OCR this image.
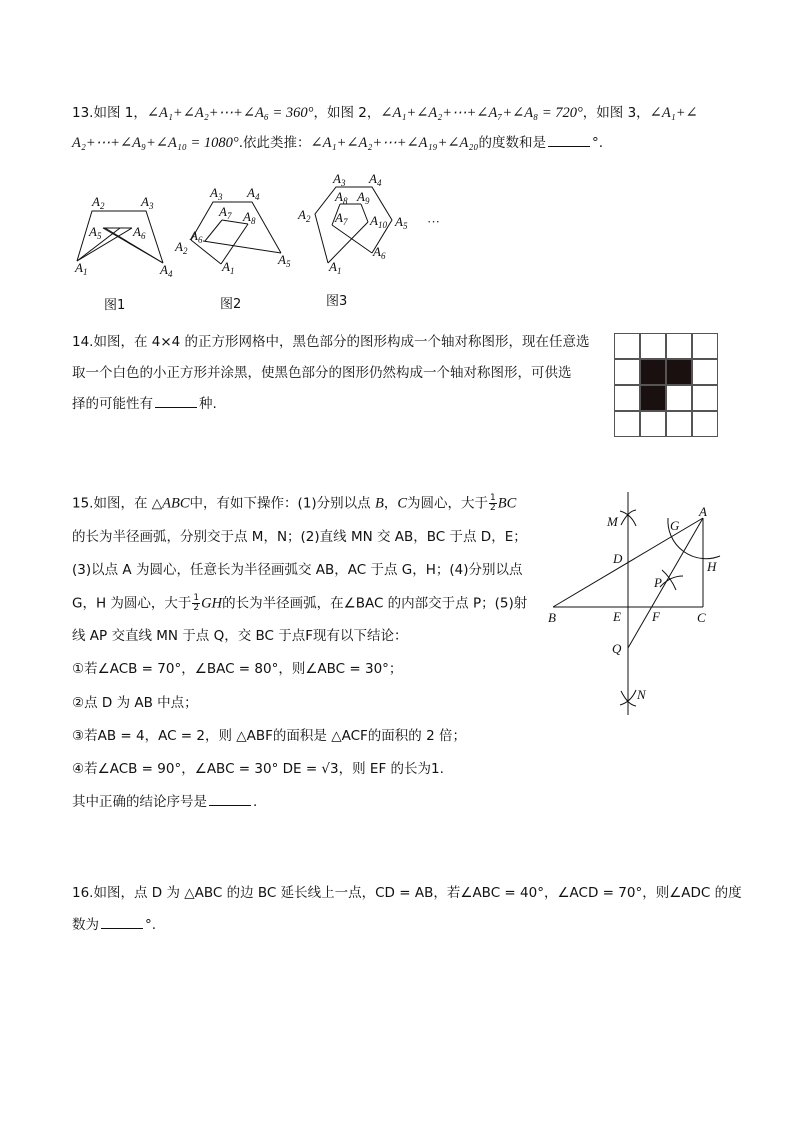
13.如图 1，∠A₁+∠A₂+⋯+∠A₆ = 360°，如图 2，∠A₁+∠A₂+⋯+∠A₇+∠A₈ = 720°，如图 3，∠A₁+∠
A₂+⋯+∠A₉+∠A₁₀ = 1080°.依此类推：∠A₁+∠A₂+⋯+∠A₁₉+∠A₂₀的度数和是	°.
$A_2$	$A_3$
$A_5$ $A_6$
$A_1$	$A_4$
图1
$A_3$ $A_4$
$A_7$ $A_8$
$A_6$
$A_2$
$A_1$
$A_5$
图2
$A_3$ $A_4$
$A_8$ $A_9$
$A_2$ $A_7$ $A_{10}$ $A_5$
$A_6$
$A_1$
···
图3
14.如图，在 4×4 的正方形网格中，黑色部分的图形构成一个轴对称图形，现在任意选
取一个白色的小正方形并涂黑，使黑色部分的图形仍然构成一个轴对称图形，可供选
择的可能性有	种.
15.如图，在 △ABC中，有如下操作：(1)分别以点 B，C为圆心，大于 $\frac{1}{2}$ BC
的长为半径画弧，分别交于点 M，N；(2)直线 MN 交 AB，BC 于点 D，E；
(3)以点 A 为圆心，任意长为半径画弧交 AB，AC 于点 G，H；(4)分别以点
G，H 为圆心，大于 $\frac{1}{2}$ GH的长为半径画弧，在∠BAC 的内部交于点 P；(5)射
线 AP 交直线 MN 于点 Q，交 BC 于点F现有以下结论：
①若∠ACB = 70°，∠BAC = 80°，则∠ABC = 30°；
②点 D 为 AB 中点；
③若AB = 4，AC = 2，则 △ABF的面积是 △ACF的面积的 2 倍；
④若∠ACB = 90°，∠ABC = 30° DE = √3，则 EF 的长为1.
其中正确的结论序号是	.
A
M	G
D
H
P
B	E F	C
Q
N
16.如图，点 D 为 △ABC 的边 BC 延长线上一点，CD = AB，若∠ABC = 40°，∠ACD = 70°，则∠ADC 的度
数为	°.
